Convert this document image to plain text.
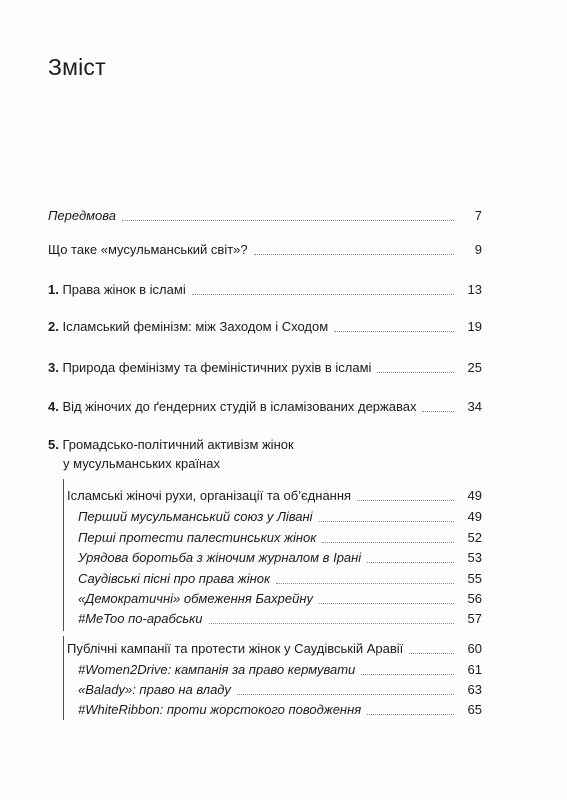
Зміст
Передмова	7
Що таке «мусульманський світ»?	9
1. Права жінок в ісламі	13
2. Ісламський фемінізм: між Заходом і Сходом	19
3. Природа фемінізму та феміністичних рухів в ісламі	25
4. Від жіночих до ґендерних студій в ісламізованих державах	34
5. Громадсько-політичний активізм жінок
у мусульманських країнах
Ісламські жіночі рухи, організації та об’єднання	49
Перший мусульманський союз у Лівані	49
Перші протести палестинських жінок	52
Урядова боротьба з жіночим журналом в Ірані	53
Саудівські пісні про права жінок	55
«Демократичні» обмеження Бахрейну	56
#MeToo по-арабськи	57
Публічні кампанії та протести жінок у Саудівській Аравії	60
#Women2Drive: кампанія за право кермувати	61
«Balady»: право на владу	63
#WhiteRibbon: проти жорстокого поводження	65
